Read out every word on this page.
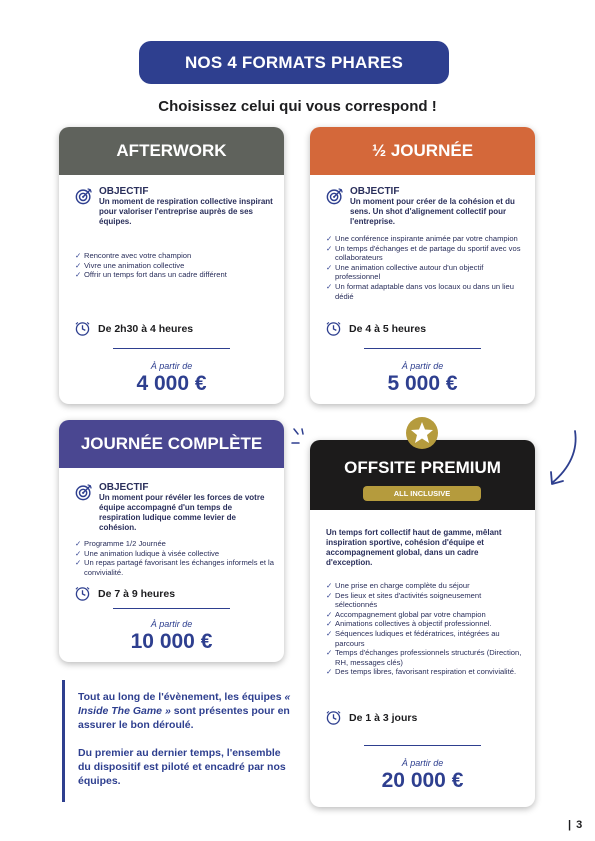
NOS 4 FORMATS PHARES
Choisissez celui qui vous correspond !
AFTERWORK
OBJECTIF
Un moment de respiration collective inspirant pour valoriser l'entreprise auprès de ses équipes.
✓ Rencontre avec votre champion
✓ Vivre une animation collective
✓ Offrir un temps fort dans un cadre différent
De 2h30 à 4 heures
À partir de
4 000 €
½ JOURNÉE
OBJECTIF
Un moment pour créer de la cohésion et du sens. Un shot d'alignement collectif pour l'entreprise.
✓ Une conférence inspirante animée par votre champion
✓ Un temps d'échanges et de partage du sportif avec vos collaborateurs
✓ Une animation collective autour d'un objectif professionnel
✓ Un format adaptable dans vos locaux ou dans un lieu dédié
De 4 à 5 heures
À partir de
5 000 €
JOURNÉE COMPLÈTE
OBJECTIF
Un moment pour révéler les forces de votre équipe accompagné d'un temps de respiration ludique comme levier de cohésion.
✓ Programme 1/2 Journée
✓ Une animation ludique à visée collective
✓ Un repas partagé favorisant les échanges informels et la convivialité.
De 7 à 9 heures
À partir de
10 000 €
OFFSITE PREMIUM
ALL INCLUSIVE
Un temps fort collectif haut de gamme, mêlant inspiration sportive, cohésion d'équipe et accompagnement global, dans un cadre d'exception.
✓ Une prise en charge complète du séjour
✓ Des lieux et sites d'activités soigneusement sélectionnés
✓ Accompagnement global par votre champion
✓ Animations collectives à objectif professionnel.
✓ Séquences ludiques et fédératrices, intégrées au parcours
✓ Temps d'échanges professionnels structurés (Direction, RH, messages clés)
✓ Des temps libres, favorisant respiration et convivialité.
De 1 à 3 jours
À partir de
20 000 €

Tout au long de l'évènement, les équipes « Inside The Game » sont présentes pour en assurer le bon déroulé.

Du premier au dernier temps, l'ensemble du dispositif est piloté et encadré par nos équipes.

| 3
